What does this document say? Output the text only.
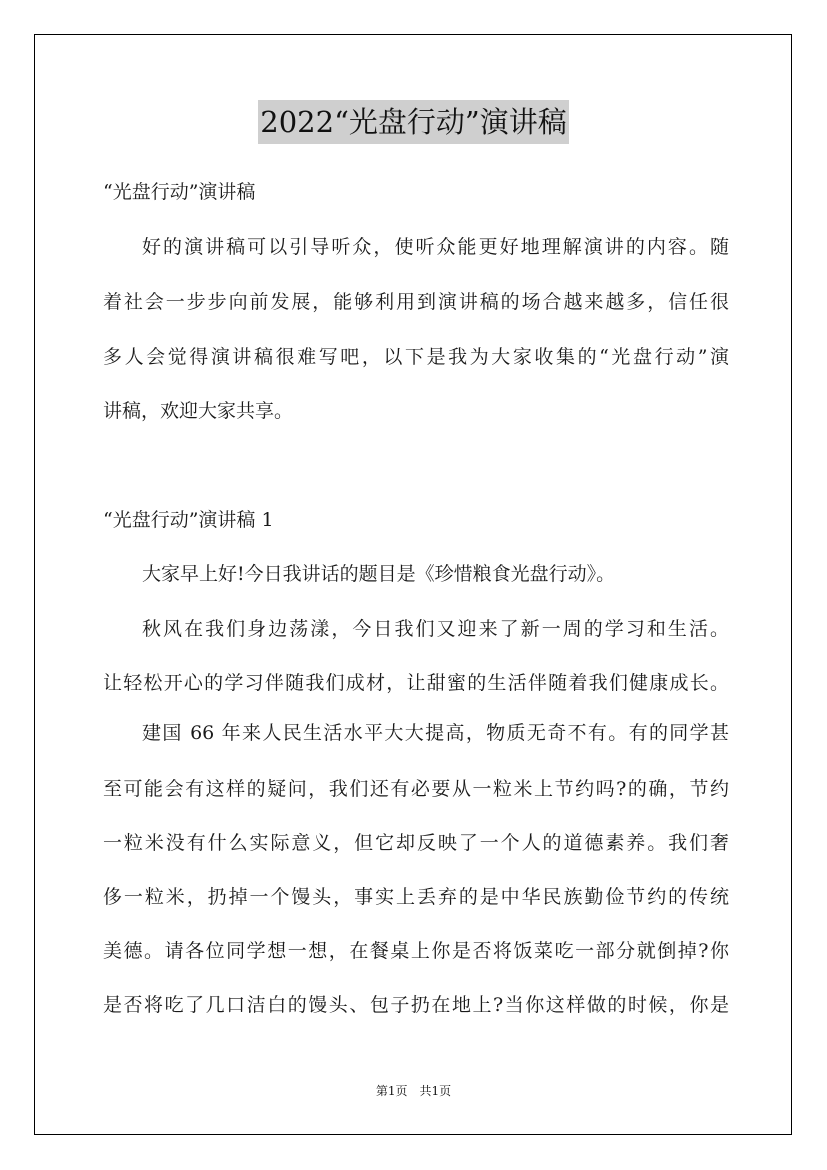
2022“光盘行动”演讲稿
“光盘行动”演讲稿
好的演讲稿可以引导听众，使听众能更好地理解演讲的内容。随
着社会一步步向前发展，能够利用到演讲稿的场合越来越多，信任很
多人会觉得演讲稿很难写吧，以下是我为大家收集的“光盘行动”演
讲稿，欢迎大家共享。
“光盘行动”演讲稿 1
大家早上好!今日我讲话的题目是《珍惜粮食光盘行动》。
秋风在我们身边荡漾，今日我们又迎来了新一周的学习和生活。
让轻松开心的学习伴随我们成材，让甜蜜的生活伴随着我们健康成长。
建国 66 年来人民生活水平大大提高，物质无奇不有。有的同学甚
至可能会有这样的疑问，我们还有必要从一粒米上节约吗?的确，节约
一粒米没有什么实际意义，但它却反映了一个人的道德素养。我们奢
侈一粒米，扔掉一个馒头，事实上丢弃的是中华民族勤俭节约的传统
美德。请各位同学想一想，在餐桌上你是否将饭菜吃一部分就倒掉?你
是否将吃了几口洁白的馒头、包子扔在地上?当你这样做的时候，你是
第1页　共1页
